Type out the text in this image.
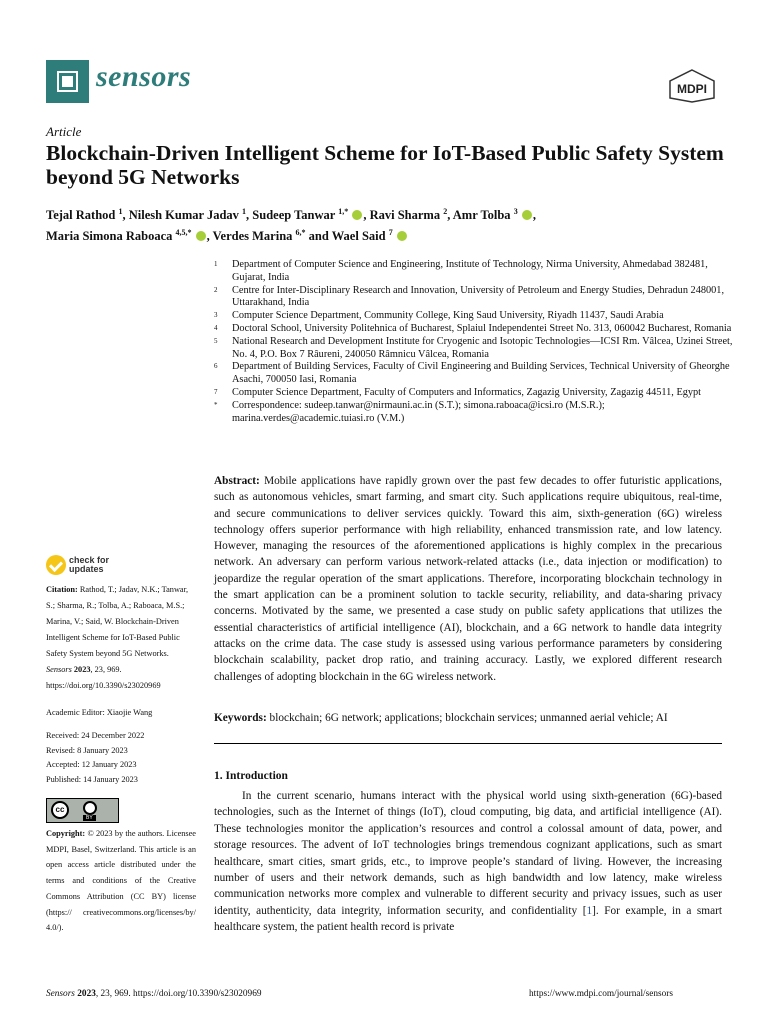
sensors	MDPI
Article
Blockchain-Driven Intelligent Scheme for IoT-Based Public Safety System beyond 5G Networks
Tejal Rathod $^1$, Nilesh Kumar Jadav $^1$, Sudeep Tanwar $^{1,*}$ , Ravi Sharma $^2$, Amr Tolba $^3$ ,
Maria Simona Raboaca $^{4,5,*}$ , Verdes Marina $^{6,*}$ and Wael Said $^7$
1	Department of Computer Science and Engineering, Institute of Technology, Nirma University, Ahmedabad 382481, Gujarat, India
2	Centre for Inter-Disciplinary Research and Innovation, University of Petroleum and Energy Studies, Dehradun 248001, Uttarakhand, India
3	Computer Science Department, Community College, King Saud University, Riyadh 11437, Saudi Arabia
4	Doctoral School, University Politehnica of Bucharest, Splaiul Independentei Street No. 313, 060042 Bucharest, Romania
5	National Research and Development Institute for Cryogenic and Isotopic Technologies—ICSI Rm. Vâlcea, Uzinei Street, No. 4, P.O. Box 7 Râureni, 240050 Râmnicu Vâlcea, Romania
6	Department of Building Services, Faculty of Civil Engineering and Building Services, Technical University of Gheorghe Asachi, 700050 Iasi, Romania
7	Computer Science Department, Faculty of Computers and Informatics, Zagazig University, Zagazig 44511, Egypt
*	Correspondence: sudeep.tanwar@nirmauni.ac.in (S.T.); simona.raboaca@icsi.ro (M.S.R.); marina.verdes@academic.tuiasi.ro (V.M.)
Abstract: Mobile applications have rapidly grown over the past few decades to offer futuristic applications, such as autonomous vehicles, smart farming, and smart city. Such applications require ubiquitous, real-time, and secure communications to deliver services quickly. Toward this aim, sixth-generation (6G) wireless technology offers superior performance with high reliability, enhanced transmission rate, and low latency. However, managing the resources of the aforementioned applications is highly complex in the precarious network. An adversary can perform various network-related attacks (i.e., data injection or modification) to jeopardize the regular operation of the smart applications. Therefore, incorporating blockchain technology in the smart application can be a prominent solution to tackle security, reliability, and data-sharing privacy concerns. Motivated by the same, we presented a case study on public safety applications that utilizes the essential characteristics of artificial intelligence (AI), blockchain, and a 6G network to handle data integrity attacks on the crime data. The case study is assessed using various performance parameters by considering blockchain scalability, packet drop ratio, and training accuracy. Lastly, we explored different research challenges of adopting blockchain in the 6G wireless network.
Keywords: blockchain; 6G network; applications; blockchain services; unmanned aerial vehicle; AI
check for
updates
Citation: Rathod, T.; Jadav, N.K.; Tanwar, S.; Sharma, R.; Tolba, A.; Raboaca, M.S.; Marina, V.; Said, W. Blockchain-Driven Intelligent Scheme for IoT-Based Public Safety System beyond 5G Networks. Sensors 2023, 23, 969. https://doi.org/10.3390/s23020969
Academic Editor: Xiaojie Wang
Received: 24 December 2022
Revised: 8 January 2023
Accepted: 12 January 2023
Published: 14 January 2023
cc
BY
Copyright: © 2023 by the authors. Licensee MDPI, Basel, Switzerland. This article is an open access article distributed under the terms and conditions of the Creative Commons Attribution (CC BY) license (https:// creativecommons.org/licenses/by/ 4.0/).
1. Introduction
In the current scenario, humans interact with the physical world using sixth-generation (6G)-based technologies, such as the Internet of things (IoT), cloud computing, big data, and artificial intelligence (AI). These technologies monitor the application’s resources and control a colossal amount of data, power, and storage resources. The advent of IoT technologies brings tremendous cognizant applications, such as smart healthcare, smart cities, smart grids, etc., to improve people’s standard of living. However, the increasing number of users and their network demands, such as high bandwidth and low latency, make wireless communication networks more complex and vulnerable to different security and privacy issues, such as user identity, authenticity, data integrity, information security, and confidentiality [1]. For example, in a smart healthcare system, the patient health record is private
Sensors 2023, 23, 969. https://doi.org/10.3390/s23020969	https://www.mdpi.com/journal/sensors
